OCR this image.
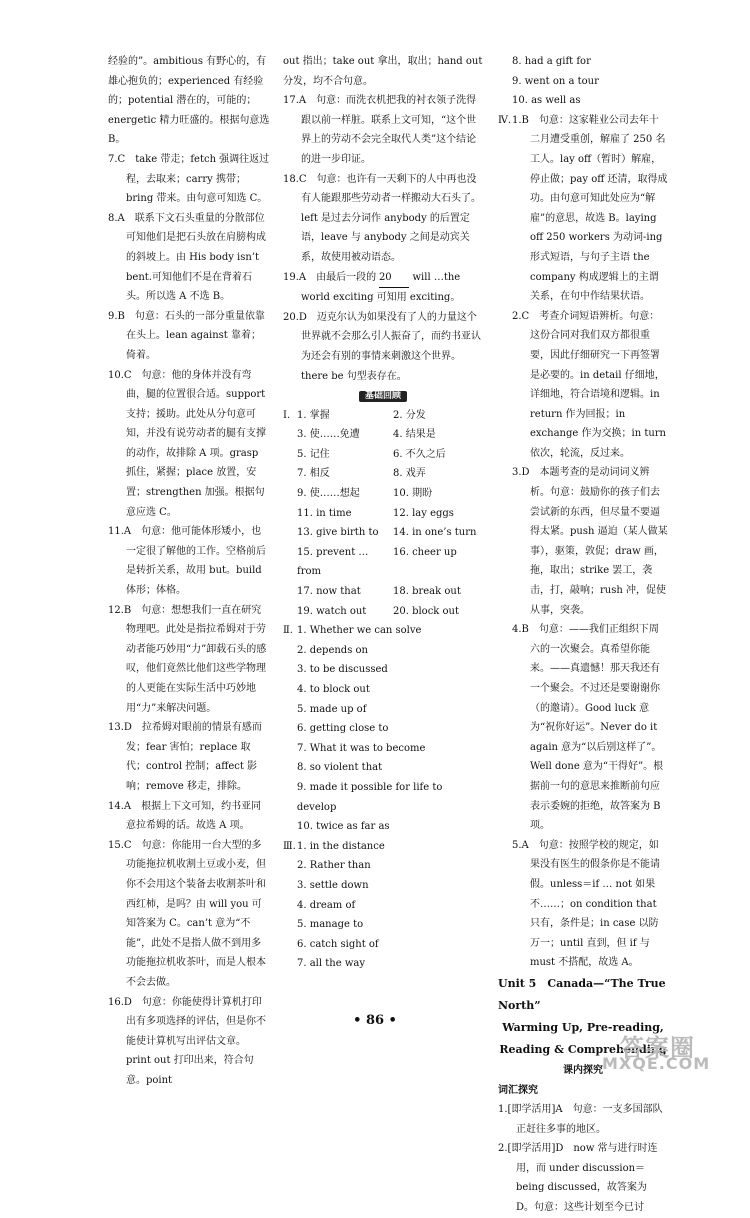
经验的”。ambitious 有野心的，有雄心抱负的；experienced 有经验的；potential 潜在的，可能的；energetic 精力旺盛的。根据句意选 B。

7.C　take 带走；fetch 强调往返过程，去取来；carry 携带；bring 带来。由句意可知选 C。

8.A　联系下文石头重量的分散部位可知他们是把石头放在肩膀构成的斜坡上。由 His body isn’t bent.可知他们不是在背着石头。所以选 A 不选 B。

9.B　句意：石头的一部分重量依靠在头上。lean against 靠着；倚着。

10.C　句意：他的身体并没有弯曲，腿的位置很合适。support 支持；援助。此处从分句意可知，并没有说劳动者的腿有支撑的动作，故排除 A 项。grasp 抓住，紧握；place 放置，安置；strengthen 加强。根据句意应选 C。

11.A　句意：他可能体形矮小，也一定很了解他的工作。空格前后是转折关系，故用 but。build 体形；体格。

12.B　句意：想想我们一直在研究物理吧。此处是指拉希姆对于劳动者能巧妙用“力”卸载石头的感叹，他们竟然比他们这些学物理的人更能在实际生活中巧妙地用“力”来解决问题。

13.D　拉希姆对眼前的情景有感而发；fear 害怕；replace 取代；control 控制；affect 影响；remove 移走，排除。

14.A　根据上下文可知，约书亚同意拉希姆的话。故选 A 项。

15.C　句意：你能用一台大型的多功能拖拉机收割土豆或小麦，但你不会用这个装备去收割茶叶和西红柿，是吗？由 will you 可知答案为 C。can’t 意为“不能”，此处不是指人做不到用多功能拖拉机收茶叶，而是人根本不会去做。

16.D　句意：你能使得计算机打印出有多项选择的评估，但是你不能使计算机写出评估文章。print out 打印出来，符合句意。point

out 指出；take out 拿出，取出；hand out 分发，均不合句意。

17.A　句意：而洗衣机把我的衬衣领子洗得跟以前一样脏。联系上文可知，“这个世界上的劳动不会完全取代人类”这个结论的进一步印证。

18.C　句意：也许有一天剩下的人中再也没有人能跟那些劳动者一样搬动大石头了。left 是过去分词作 anybody 的后置定语，leave 与 anybody 之间是动宾关系，故使用被动语态。

19.A　由最后一段的 20 will …the world exciting 可知用 exciting。

20.D　迈克尔认为如果没有了人的力量这个世界就不会那么引人振奋了，而约书亚认为还会有别的事情来刺激这个世界。there be 句型表存在。

基础回顾
Ⅰ. 1. 掌握	2. 分发
3. 使……免遭	4. 结果是
5. 记住	6. 不久之后
7. 相反	8. 戏弄
9. 使……想起	10. 期盼
11. in time	12. lay eggs
13. give birth to	14. in one’s turn
15. prevent … from
16. cheer up
17. now that	18. break out
19. watch out	20. block out
Ⅱ. 1. Whether we can solve
2. depends on
3. to be discussed
4. to block out
5. made up of
6. getting close to
7. What it was to become
8. so violent that
9. made it possible for life to develop
10. twice as far as
Ⅲ. 1. in the distance
2. Rather than
3. settle down
4. dream of
5. manage to
6. catch sight of
7. all the way
8. had a gift for
9. went on a tour
10. as well as
Ⅳ. 1.B　句意：这家鞋业公司去年十二月遭受重创，解雇了 250 名工人。lay off（暂时）解雇，停止做；pay off 还清，取得成功。由句意可知此处应为“解雇”的意思，故选 B。laying off 250 workers 为动词-ing 形式短语，与句子主语 the company 构成逻辑上的主谓关系，在句中作结果状语。

2.C　考查介词短语辨析。句意：这份合同对我们双方都很重要，因此仔细研究一下再签署是必要的。in detail 仔细地，详细地，符合语境和逻辑。in return 作为回报；in exchange 作为交换；in turn 依次，轮流，反过来。

3.D　本题考查的是动词词义辨析。句意：鼓励你的孩子们去尝试新的东西，但尽量不要逼得太紧。push 逼迫（某人做某事），驱策，敦促；draw 画，拖，取出；strike 罢工，袭击，打，敲响；rush 冲，促使从事，突袭。

4.B　句意：——我们正组织下周六的一次聚会。真希望你能来。——真遗憾！那天我还有一个聚会。不过还是要谢谢你（的邀请）。Good luck 意为“祝你好运”。Never do it again 意为“以后别这样了”。Well done 意为“干得好”。根据前一句的意思来推断前句应表示委婉的拒绝，故答案为 B 项。

5.A　句意：按照学校的规定，如果没有医生的假条你是不能请假。unless＝if … not 如果不……；on condition that 只有，条件是；in case 以防万一；until 直到，但 if 与 must 不搭配，故选 A。

Unit 5　Canada—“The True North”
Warming Up, Pre-reading,
Reading & Comprehending
课内探究
词汇探究

1.[即学活用]A　句意：一支多国部队正赶往多事的地区。

2.[即学活用]D　now 常与进行时连用，而 under discussion＝being discussed，故答案为 D。句意：这些计划至今已讨

• 86 •
答案圈
MXQE.COM
